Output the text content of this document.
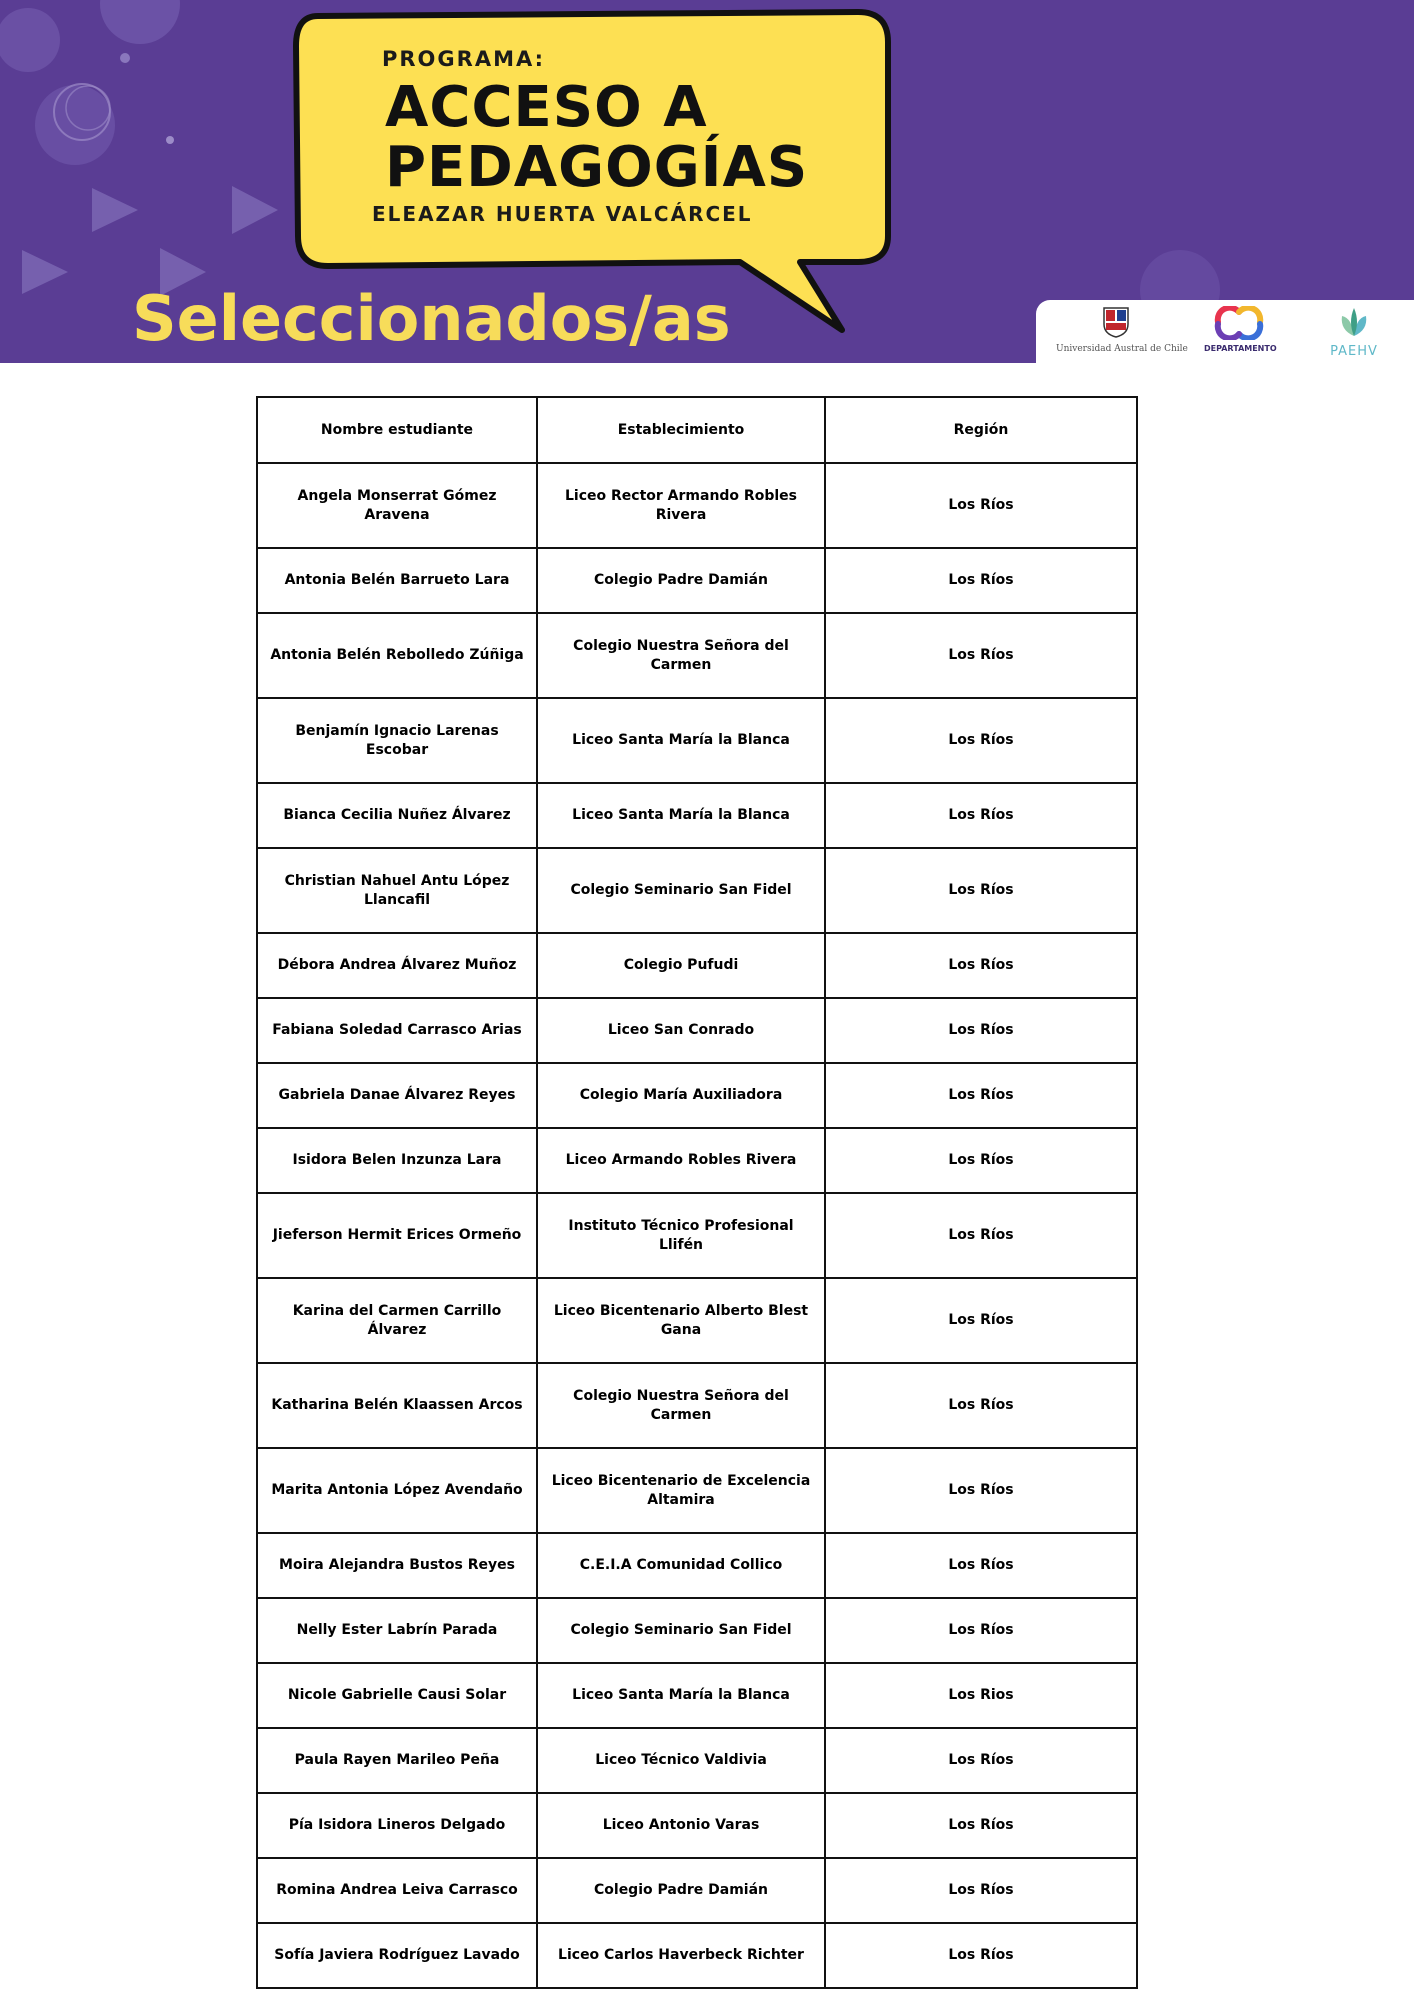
PROGRAMA:
ACCESO A
PEDAGOGÍAS
ELEAZAR HUERTA VALCÁRCEL
Seleccionados/as	Universidad Austral de Chile DEPARTAMENTO	PAEHV
Nombre estudiante	Establecimiento	Región
Angela Monserrat Gómez Aravena	Liceo Rector Armando Robles Rivera	Los Ríos
Antonia Belén Barrueto Lara	Colegio Padre Damián	Los Ríos
Antonia Belén Rebolledo Zúñiga	Colegio Nuestra Señora del Carmen	Los Ríos
Benjamín Ignacio Larenas Escobar	Liceo Santa María la Blanca	Los Ríos
Bianca Cecilia Nuñez Álvarez	Liceo Santa María la Blanca	Los Ríos
Christian Nahuel Antu López Llancafil	Colegio Seminario San Fidel	Los Ríos
Débora Andrea Álvarez Muñoz	Colegio Pufudi	Los Ríos
Fabiana Soledad Carrasco Arias	Liceo San Conrado	Los Ríos
Gabriela Danae Álvarez Reyes	Colegio María Auxiliadora	Los Ríos
Isidora Belen Inzunza Lara	Liceo Armando Robles Rivera	Los Ríos
Jieferson Hermit Erices Ormeño	Instituto Técnico Profesional Llifén	Los Ríos
Karina del Carmen Carrillo Álvarez	Liceo Bicentenario Alberto Blest Gana	Los Ríos
Katharina Belén Klaassen Arcos	Colegio Nuestra Señora del Carmen	Los Ríos
Marita Antonia López Avendaño	Liceo Bicentenario de Excelencia Altamira	Los Ríos
Moira Alejandra Bustos Reyes	C.E.I.A Comunidad Collico	Los Ríos
Nelly Ester Labrín Parada	Colegio Seminario San Fidel	Los Ríos
Nicole Gabrielle Causi Solar	Liceo Santa María la Blanca	Los Rios
Paula Rayen Marileo Peña	Liceo Técnico Valdivia	Los Ríos
Pía Isidora Lineros Delgado	Liceo Antonio Varas	Los Ríos
Romina Andrea Leiva Carrasco	Colegio Padre Damián	Los Ríos
Sofía Javiera Rodríguez Lavado	Liceo Carlos Haverbeck Richter	Los Ríos
